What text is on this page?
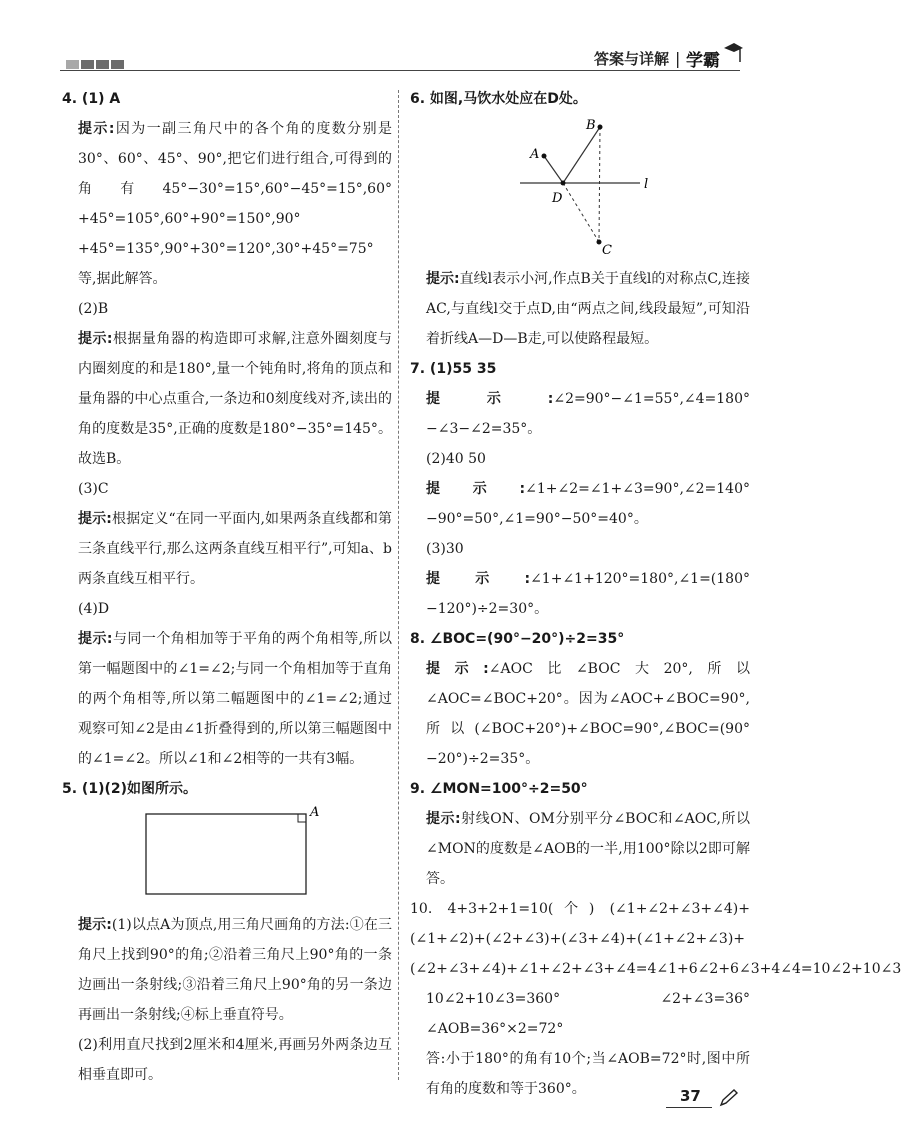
答案与详解 | 学霸

4. (1) A

提示:因为一副三角尺中的各个角的度数分别是30°、60°、45°、90°,把它们进行组合,可得到的角有45°−30°=15°,60°−45°=15°,60°+45°=105°,60°+90°=150°,90°+45°=135°,90°+30°=120°,30°+45°=75°等,据此解答。

(2)B

提示:根据量角器的构造即可求解,注意外圈刻度与内圈刻度的和是180°,量一个钝角时,将角的顶点和量角器的中心点重合,一条边和0刻度线对齐,读出的角的度数是35°,正确的度数是180°−35°=145°。故选B。

(3)C

提示:根据定义“在同一平面内,如果两条直线都和第三条直线平行,那么这两条直线互相平行”,可知a、b两条直线互相平行。

(4)D

提示:与同一个角相加等于平角的两个角相等,所以第一幅题图中的∠1=∠2;与同一个角相加等于直角的两个角相等,所以第二幅题图中的∠1=∠2;通过观察可知∠2是由∠1折叠得到的,所以第三幅题图中的∠1=∠2。所以∠1和∠2相等的一共有3幅。

5. (1)(2)如图所示。

A

提示:(1)以点A为顶点,用三角尺画角的方法:①在三角尺上找到90°的角;②沿着三角尺上90°角的一条边画出一条射线;③沿着三角尺上90°角的另一条边再画出一条射线;④标上垂直符号。

(2)利用直尺找到2厘米和4厘米,再画另外两条边互相垂直即可。

6. 如图,马饮水处应在D处。

A
B
D
C
l

提示:直线l表示小河,作点B关于直线l的对称点C,连接AC,与直线l交于点D,由“两点之间,线段最短”,可知沿着折线A—D—B走,可以使路程最短。

7. (1)55 35

提示:∠2=90°−∠1=55°,∠4=180°−∠3−∠2=35°。

(2)40 50

提示:∠1+∠2=∠1+∠3=90°,∠2=140°−90°=50°,∠1=90°−50°=40°。

(3)30

提示:∠1+∠1+120°=180°,∠1=(180°−120°)÷2=30°。

8. ∠BOC=(90°−20°)÷2=35°

提示:∠AOC比∠BOC大20°,所以∠AOC=∠BOC+20°。因为∠AOC+∠BOC=90°,所以(∠BOC+20°)+∠BOC=90°,∠BOC=(90°−20°)÷2=35°。

9. ∠MON=100°÷2=50°

提示:射线ON、OM分别平分∠BOC和∠AOC,所以∠MON的度数是∠AOB的一半,用100°除以2即可解答。

10. 4+3+2+1=10(个) (∠1+∠2+∠3+∠4)+(∠1+∠2)+(∠2+∠3)+(∠3+∠4)+(∠1+∠2+∠3)+(∠2+∠3+∠4)+∠1+∠2+∠3+∠4=4∠1+6∠2+6∠3+4∠4=10∠2+10∠3

10∠2+10∠3=360° ∠2+∠3=36° ∠AOB=36°×2=72°

答:小于180°的角有10个;当∠AOB=72°时,图中所有角的度数和等于360°。	37
